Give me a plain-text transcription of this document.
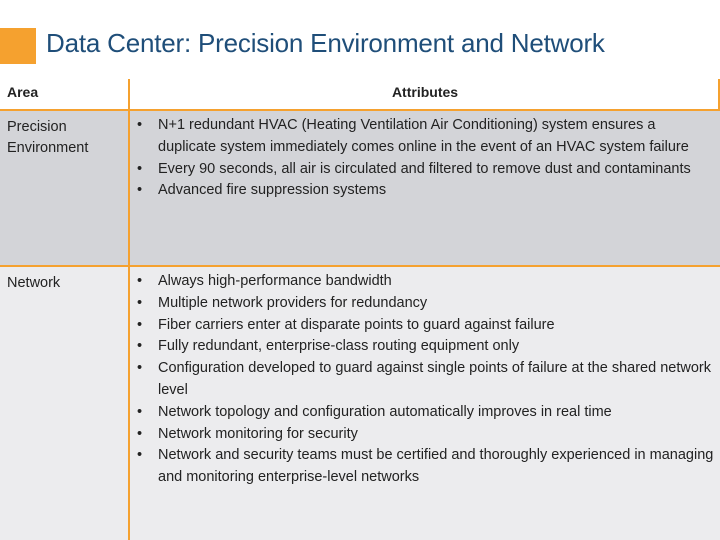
Data Center: Precision Environment and Network
Area	Attributes
Precision Environment
• N+1 redundant HVAC (Heating Ventilation Air Conditioning) system ensures a duplicate system immediately comes online in the event of an HVAC system failure
• Every 90 seconds, all air is circulated and filtered to remove dust and contaminants
• Advanced fire suppression systems
Network
•	Always high-performance bandwidth
• Multiple network providers for redundancy
• Fiber carriers enter at disparate points to guard against failure
• Fully redundant, enterprise-class routing equipment only
• Configuration developed to guard against single points of failure at the shared network level
• Network topology and configuration automatically improves in real time
• Network monitoring for security
• Network and security teams must be certified and thoroughly experienced in managing and monitoring enterprise-level networks
